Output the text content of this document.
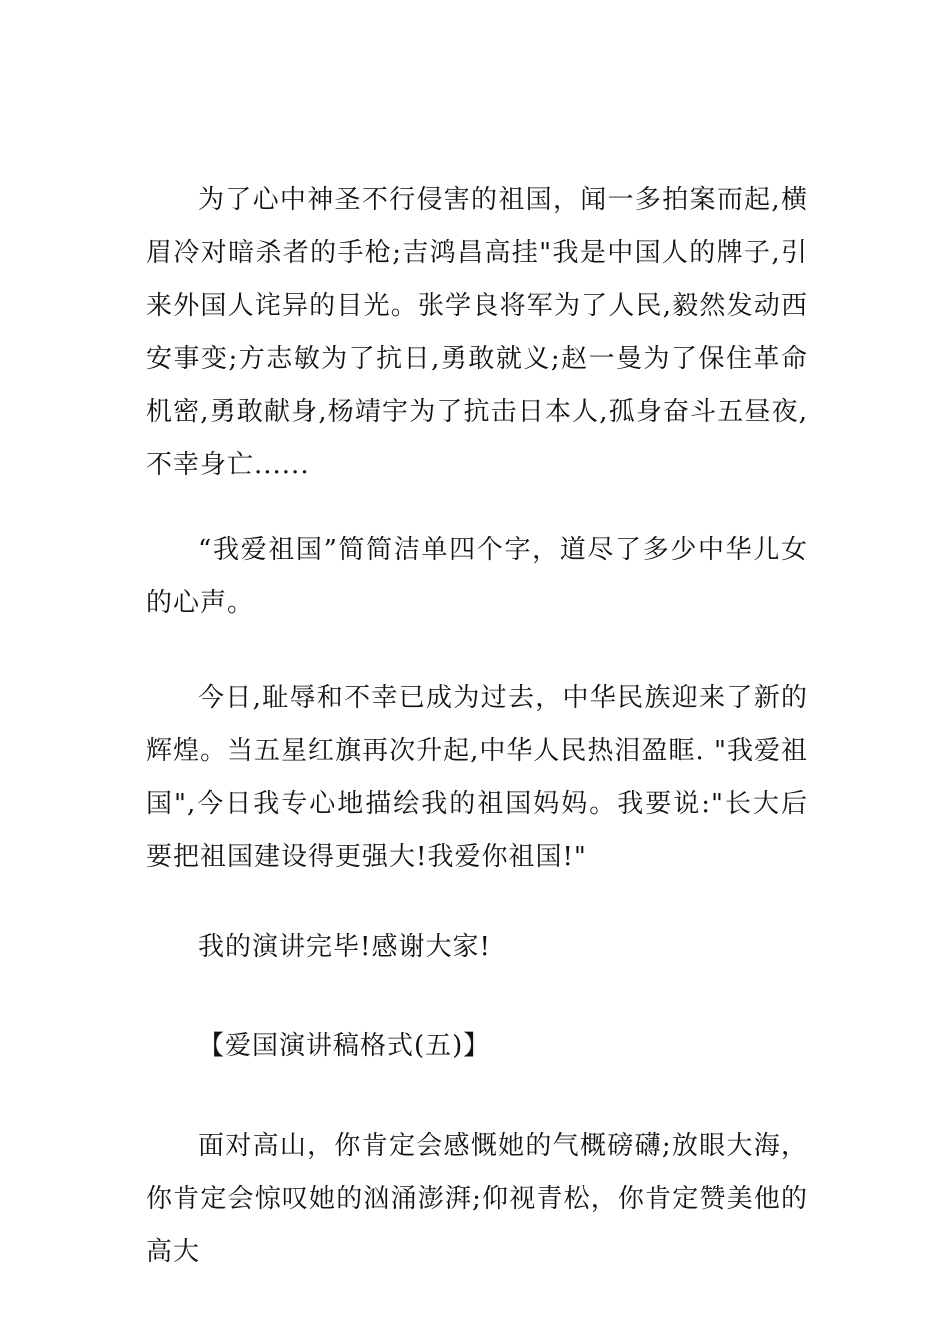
为了心中神圣不行侵害的祖国，闻一多拍案而起,横眉冷对暗杀者的手枪;吉鸿昌高挂"我是中国人的牌子,引来外国人诧异的目光。张学良将军为了人民,毅然发动西安事变;方志敏为了抗日,勇敢就义;赵一曼为了保住革命机密,勇敢献身,杨靖宇为了抗击日本人,孤身奋斗五昼夜,不幸身亡......

“我爱祖国”简简洁单四个字，道尽了多少中华儿女的心声。

今日,耻辱和不幸已成为过去，中华民族迎来了新的辉煌。当五星红旗再次升起,中华人民热泪盈眶. "我爱祖国",今日我专心地描绘我的祖国妈妈。我要说:"长大后要把祖国建设得更强大!我爱你祖国!"

我的演讲完毕!感谢大家!

【爱国演讲稿格式(五)】

面对高山，你肯定会感慨她的气概磅礴;放眼大海，你肯定会惊叹她的汹涌澎湃;仰视青松，你肯定赞美他的高大
